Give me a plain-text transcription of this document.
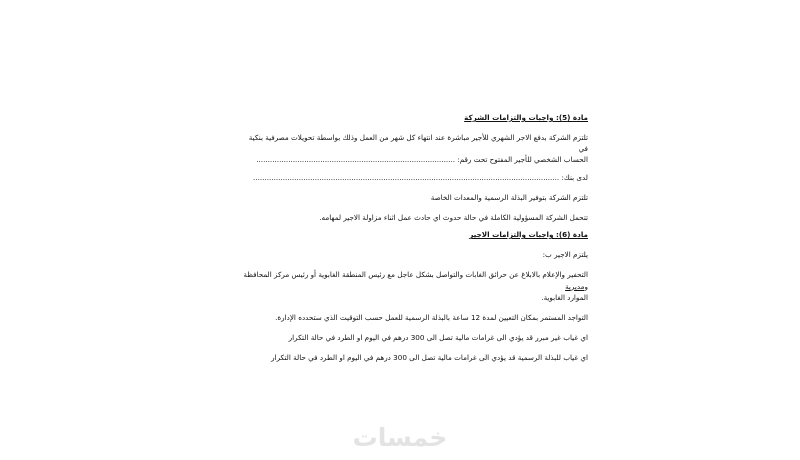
مادة (5): واجبات والتزامات الشركة
تلتزم الشركة بدفع الاجر الشهري للأجير مباشرة عند انتهاء كل شهر من العمل وذلك بواسطة تحويلات مصرفية بنكية في
الحساب الشخصي للأجير المفتوح تحت رقم: .......................................................................................
لدى بنك: ......................................................................................................................................
تلتزم الشركة بتوفير البذلة الرسمية والمعدات الخاصة
تتحمل الشركة المسؤولية الكاملة في حالة حدوث اي حادث عمل اثناء مزاولة الاجير لمهامه.
مادة (6): واجبات والتزامات الاجير
يلتزم الاجير ب:
التحفير والإعلام بالابلاغ عن حرائق الغابات والتواصل بشكل عاجل مع رئيس المنطقة الغابوية أو رئيس مركز المحافظة ومديرية
الموارد الغابوية.
التواجد المستمر بمكان التعيين لمدة 12 ساعة بالبذلة الرسمية للعمل حسب التوقيت الذي ستحدده الإدارة.
اي غياب غير مبرر قد يؤدي الى غرامات مالية تصل الى 300 درهم في اليوم او الطرد في حالة التكرار
اي غياب للبذلة الرسمية قد يؤدي الى غرامات مالية تصل الى 300 درهم في اليوم او الطرد في حالة التكرار
خمسات
